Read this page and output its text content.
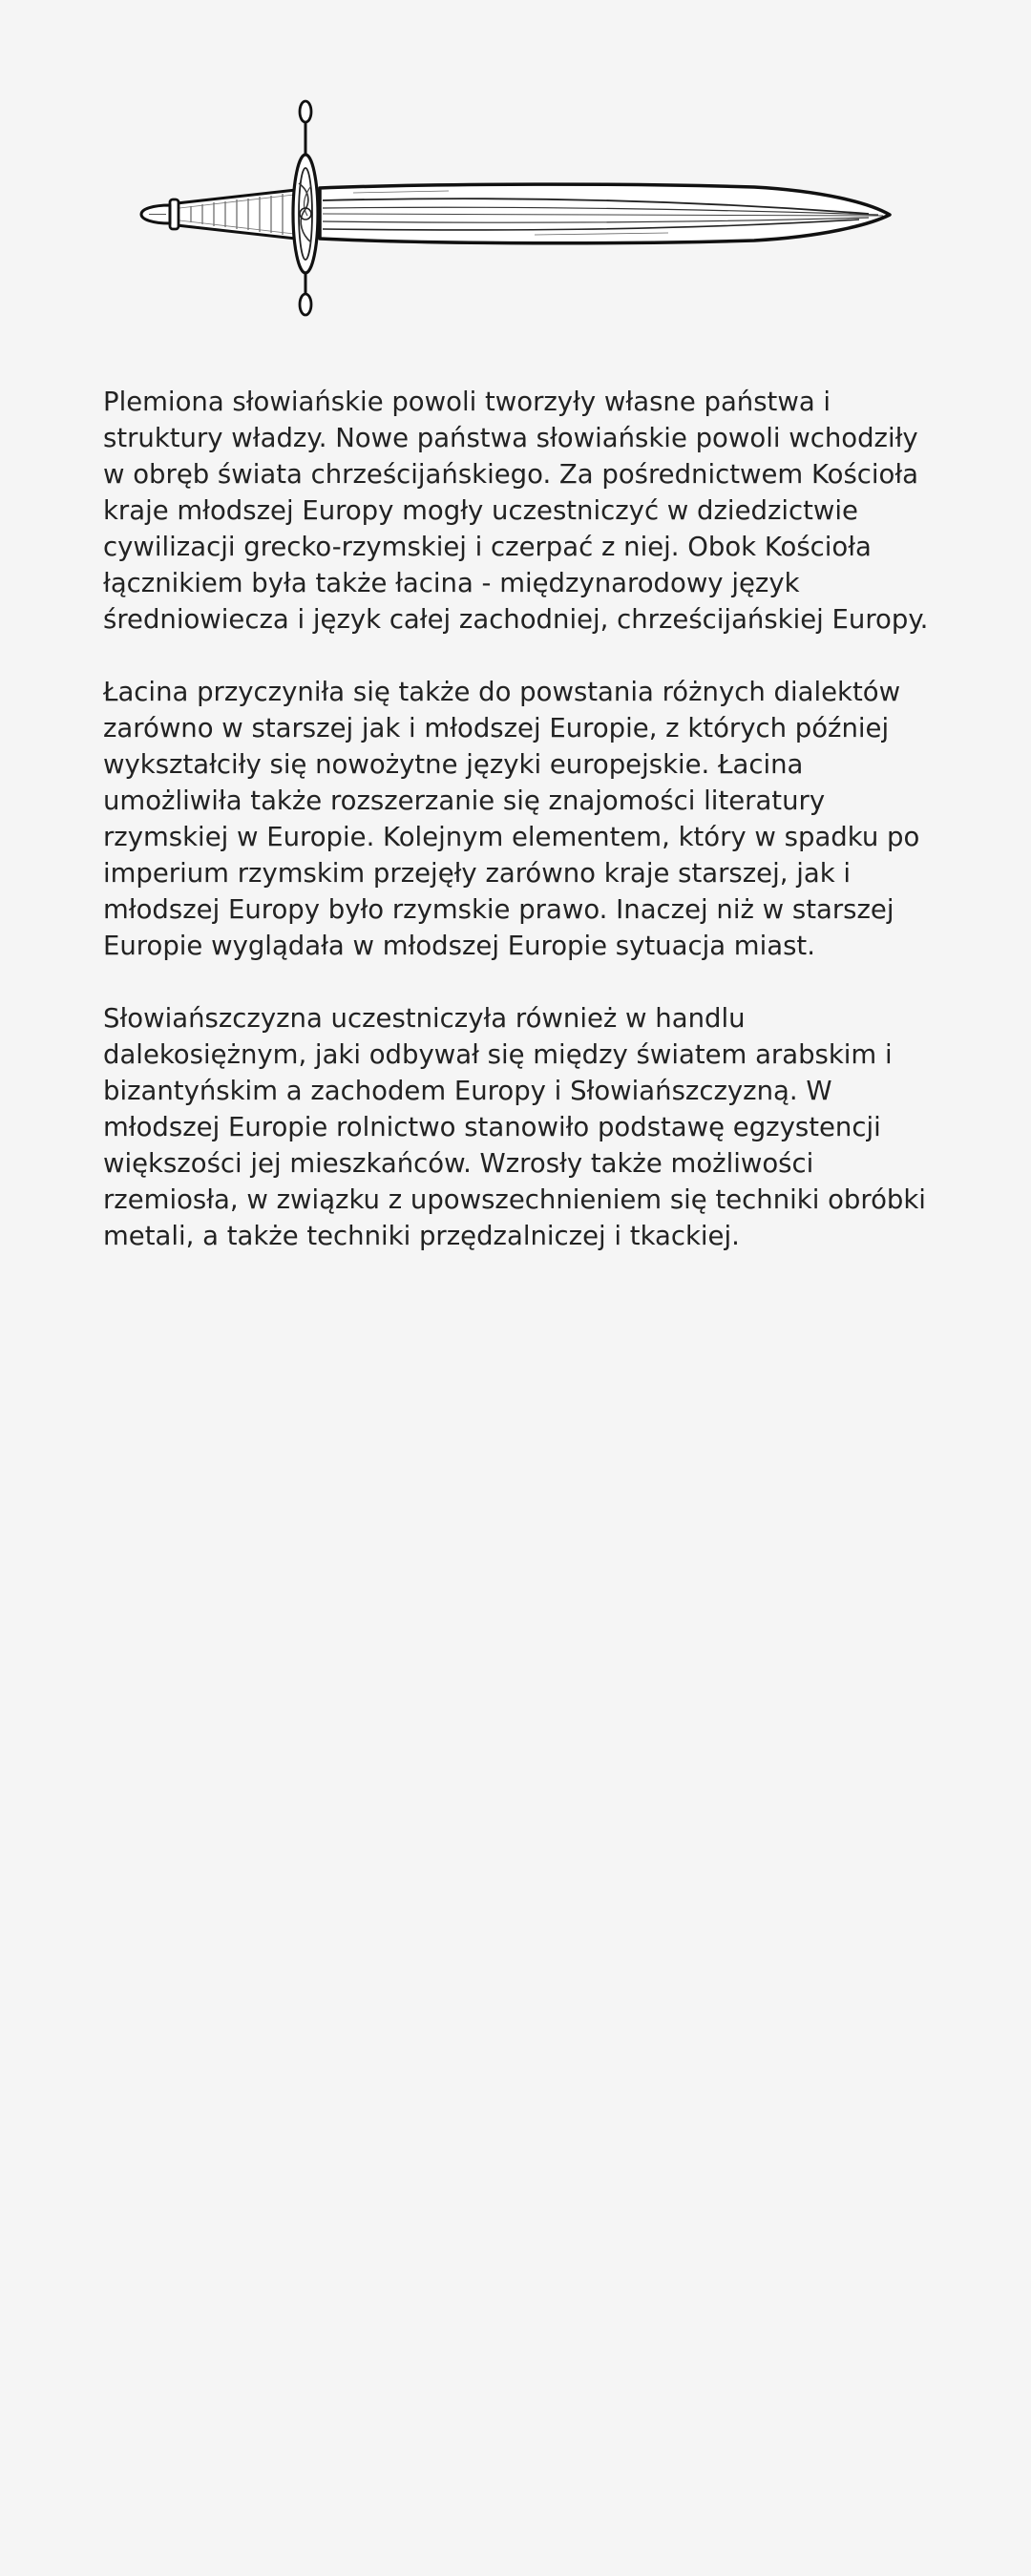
Plemiona słowiańskie powoli tworzyły własne państwa i struktury władzy. Nowe państwa słowiańskie powoli wchodziły w obręb świata chrześcijańskiego. Za pośrednictwem Kościoła kraje młodszej Europy mogły uczestniczyć w dziedzictwie cywilizacji grecko-rzymskiej i czerpać z niej. Obok Kościoła łącznikiem była także łacina - międzynarodowy język średniowiecza i język całej zachodniej, chrześcijańskiej Europy.

Łacina przyczyniła się także do powstania różnych dialektów zarówno w starszej jak i młodszej Europie, z których później wykształciły się nowożytne języki europejskie. Łacina umożliwiła także rozszerzanie się znajomości literatury rzymskiej w Europie. Kolejnym elementem, który w spadku po imperium rzymskim przejęły zarówno kraje starszej, jak i młodszej Europy było rzymskie prawo. Inaczej niż w starszej Europie wyglądała w młodszej Europie sytuacja miast.

Słowiańszczyzna uczestniczyła również w handlu dalekosiężnym, jaki odbywał się między światem arabskim i bizantyńskim a zachodem Europy i Słowiańszczyzną. W młodszej Europie rolnictwo stanowiło podstawę egzystencji większości jej mieszkańców. Wzrosły także możliwości rzemiosła, w związku z upowszechnieniem się techniki obróbki metali, a także techniki przędzalniczej i tkackiej.
